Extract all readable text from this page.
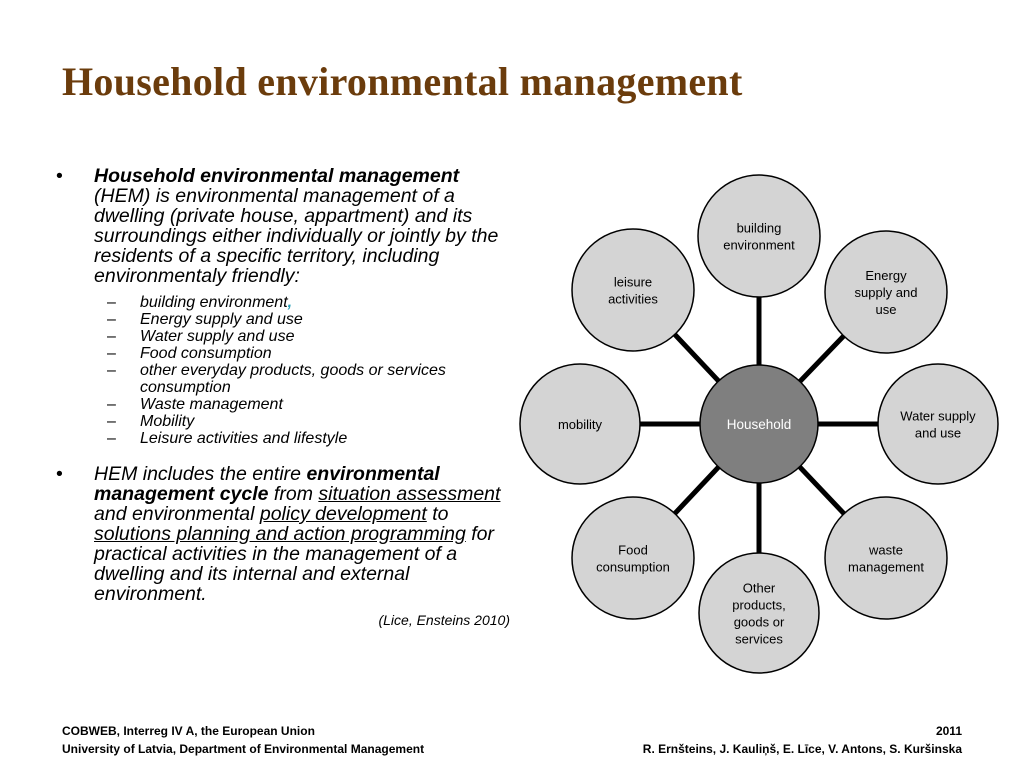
Household environmental management
• Household environmental management (HEM) is environmental management of a dwelling (private house, appartment) and its surroundings either individually or jointly by the residents of a specific territory, including environmentaly friendly:
– building environment,
– Energy supply and use
– Water supply and use
– Food consumption
– other everyday products, goods or services consumption
– Waste management
– Mobility
– Leisure activities and lifestyle
• HEM includes the entire environmental management cycle from situation assessment and environmental policy development to solutions planning and action programming for practical activities in the management of a dwelling and its internal and external environment.
(Lice, Ensteins 2010)
building
environment
Energy
supply and
use
Water supply
and use
waste
management
Other
products,
goods or
services
Food
consumption
mobility
leisure
activities
Household
COBWEB, Interreg IV A, the European Union
University of Latvia, Department of Environmental Management
2011
R. Ernšteins, J. Kauliņš, E. Līce, V. Antons, S. Kuršinska
